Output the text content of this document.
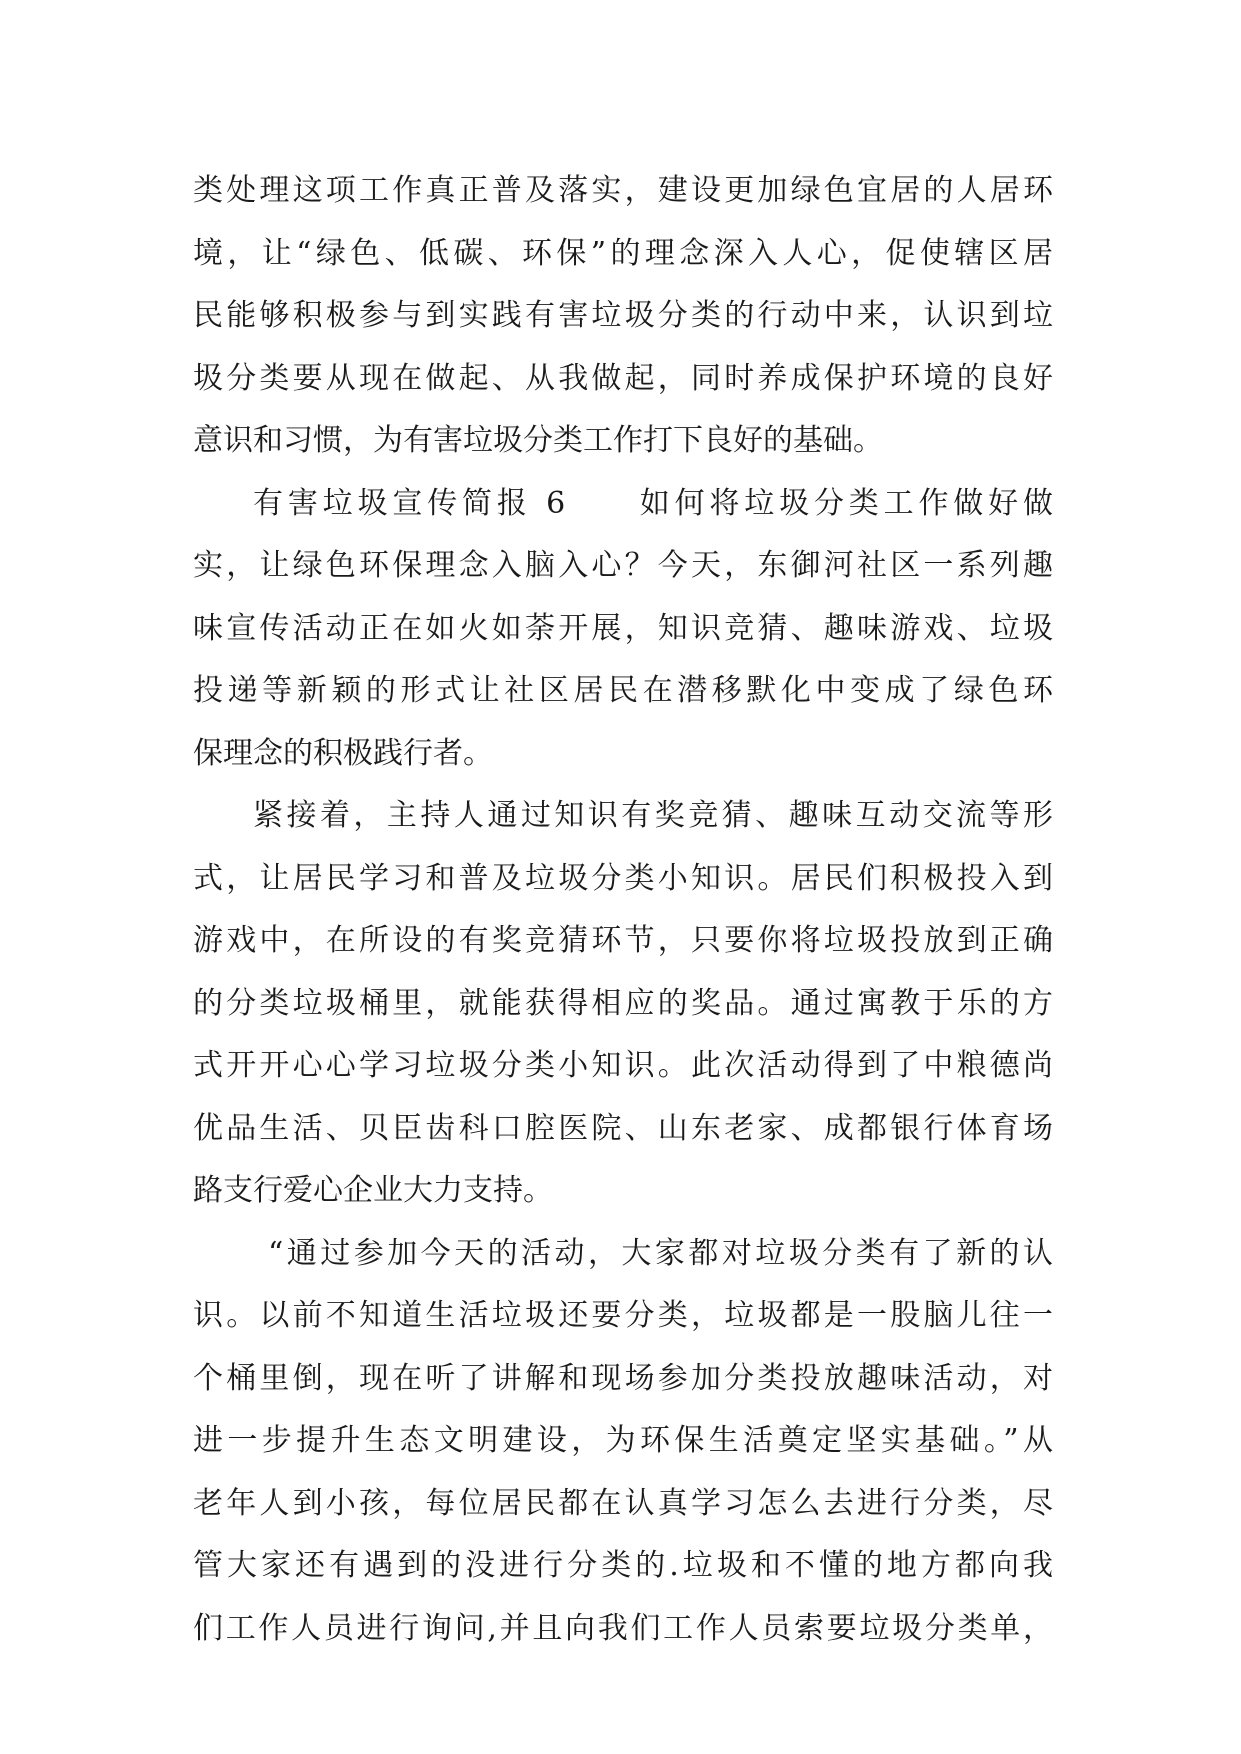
类处理这项工作真正普及落实，建设更加绿色宜居的人居环
境，让“绿色、低碳、环保”的理念深入人心，促使辖区居
民能够积极参与到实践有害垃圾分类的行动中来，认识到垃
圾分类要从现在做起、从我做起，同时养成保护环境的良好
意识和习惯，为有害垃圾分类工作打下良好的基础。
有害垃圾宣传简报 6　　如何将垃圾分类工作做好做
实，让绿色环保理念入脑入心？今天，东御河社区一系列趣
味宣传活动正在如火如荼开展，知识竞猜、趣味游戏、垃圾
投递等新颖的形式让社区居民在潜移默化中变成了绿色环
保理念的积极践行者。
紧接着，主持人通过知识有奖竞猜、趣味互动交流等形
式，让居民学习和普及垃圾分类小知识。居民们积极投入到
游戏中，在所设的有奖竞猜环节，只要你将垃圾投放到正确
的分类垃圾桶里，就能获得相应的奖品。通过寓教于乐的方
式开开心心学习垃圾分类小知识。此次活动得到了中粮德尚
优品生活、贝臣齿科口腔医院、山东老家、成都银行体育场
路支行爱心企业大力支持。
“通过参加今天的活动，大家都对垃圾分类有了新的认
识。以前不知道生活垃圾还要分类，垃圾都是一股脑儿往一
个桶里倒，现在听了讲解和现场参加分类投放趣味活动，对
进一步提升生态文明建设，为环保生活奠定坚实基础。”从
老年人到小孩，每位居民都在认真学习怎么去进行分类，尽
管大家还有遇到的没进行分类的.垃圾和不懂的地方都向我
们工作人员进行询问,并且向我们工作人员索要垃圾分类单，
